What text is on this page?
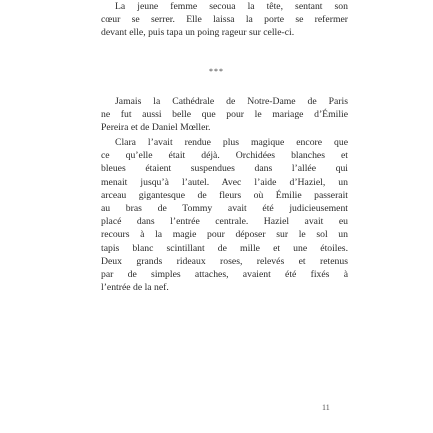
La jeune femme secoua la tête, sentant son
cœur se serrer. Elle laissa la porte se refermer
devant elle, puis tapa un poing rageur sur celle-ci.
***
Jamais la Cathédrale de Notre-Dame de Paris
ne fut aussi belle que pour le mariage d’Émilie
Pereira et de Daniel Mœller.
Clara l’avait rendue plus magique encore que
ce qu’elle était déjà. Orchidées blanches et
bleues étaient suspendues dans l’allée qui
menait jusqu’à l’autel. Avec l’aide d’Haziel, un
arceau gigantesque de fleurs où Émilie passerait
au bras de Tommy avait été judicieusement
placé dans l’entrée centrale. Haziel avait eu
recours à la magie pour déposer sur le sol un
tapis blanc scintillant de mille et une étoiles.
Deux grands rideaux roses, relevés et retenus
par de simples attaches, avaient été fixés à
l’entrée de la nef.
11
